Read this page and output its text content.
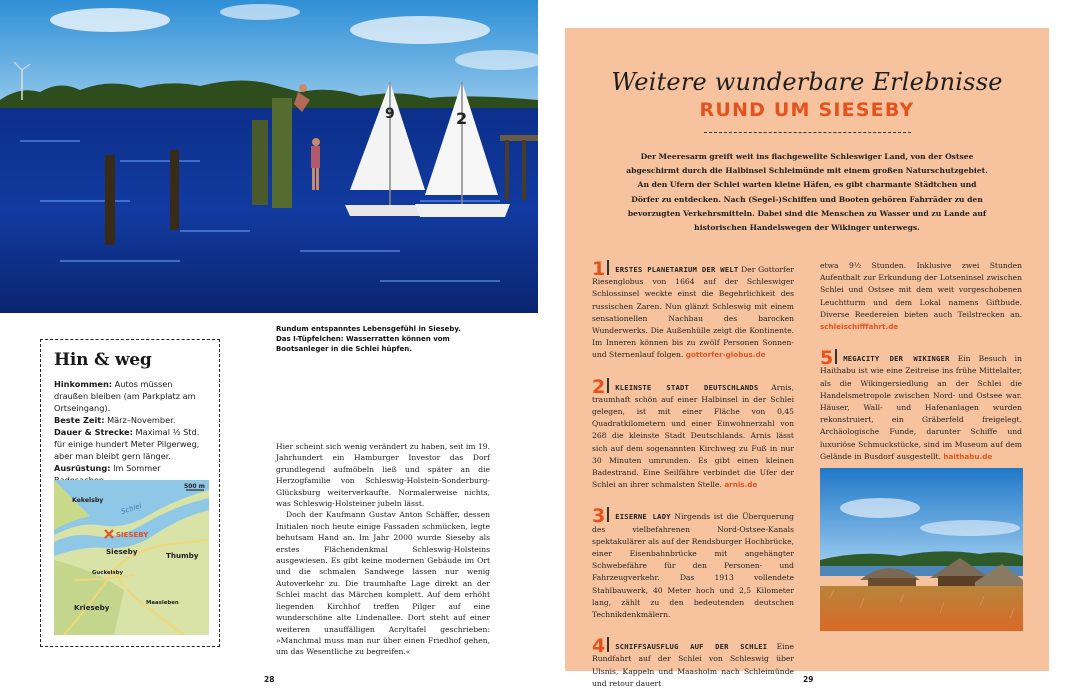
9	2
Rundum entspanntes Lebensgefühl in Sieseby. Das I-Tüpfelchen: Wasserratten können vom Bootsanleger in die Schlei hüpfen.
Hin & weg

Hinkommen: Autos müssen draußen bleiben (am Parkplatz am Ortseingang).

Beste Zeit: März–November.

Dauer & Strecke: Maximal ½ Std. für einige hundert Meter Pilgerweg, aber man bleibt gern länger.

Ausrüstung: Im Sommer

500 m
Schlei
SIESEBY
Kekelsby
Sieseby	Thumby
Guckelsby
Krieseby	Maasleben

Hier scheint sich wenig verändert zu haben, seit im 19. Jahrhundert ein Hamburger Investor das Dorf grundlegend aufmöbeln ließ und später an die Herzogfamilie von Schleswig-Holstein-Sonderburg-Glücksburg weiterverkaufte. Normalerweise nichts, was Schleswig-Holsteiner jubeln lässt.

Doch der Kaufmann Gustav Anton Schäffer, dessen Initialen noch heute einige Fassaden schmücken, legte behutsam Hand an. Im Jahr 2000 wurde Sieseby als erstes Flächendenkmal Schleswig-Holsteins ausgewiesen. Es gibt keine modernen Gebäude im Ort und die schmalen Sandwege lassen nur wenig Autoverkehr zu. Die traumhafte Lage direkt an der Schlei macht das Märchen komplett. Auf dem erhöht liegenden Kirchhof treffen Pilger auf eine wunderschöne alte Lindenallee. Dort steht auf einer weiteren unauffälligen Acryltafel geschrieben: »Manchmal muss man nur über einen Friedhof gehen, um das Wesentliche zu begreifen.«

28	29
Weitere wunderbare Erlebnisse
RUND UM SIESEBY
Der Meeresarm greift weit ins flachgewellte Schleswiger Land, von der Ostsee abgeschirmt durch die Halbinsel Schleimünde mit einem großen Naturschutzgebiet. An den Ufern der Schlei warten kleine Häfen, es gibt charmante Städtchen und Dörfer zu entdecken. Nach (Segel-)Schiffen und Booten gehören Fahrräder zu den bevorzugten Verkehrsmitteln. Dabei sind die Menschen zu Wasser und zu Lande auf historischen Handelswegen der Wikinger unterwegs.
1 ERSTES PLANETARIUM DER WELT Der Gottorfer Riesenglobus von 1664 auf der Schleswiger Schlossinsel weckte einst die Begehrlichkeit des russischen Zaren. Nun glänzt Schleswig mit einem sensationellen Nachbau des barocken Wunderwerks. Die Außenhülle zeigt die Kontinente. Im Inneren können bis zu zwölf Personen Sonnen- und Sternenlauf folgen. gottorfer-globus.de
2 KLEINSTE STADT DEUTSCHLANDS Arnis, traumhaft schön auf einer Halbinsel in der Schlei gelegen, ist mit einer Fläche von 0,45 Quadratkilometern und einer Einwohnerzahl von 268 die kleinste Stadt Deutschlands. Arnis lässt sich auf dem sogenannten Kirchweg zu Fuß in nur 30 Minuten umrunden. Es gibt einen kleinen Badestrand. Eine Seilfähre verbindet die Ufer der Schlei an ihrer schmalsten Stelle. arnis.de
3 EISERNE LADY Nirgends ist die Überquerung des vielbefahrenen Nord-Ostsee-Kanals spektakulärer als auf der Rendsburger Hochbrücke, einer Eisenbahnbrücke mit angehängter Schwebefähre für den Personen- und Fahrzeugverkehr. Das 1913 vollendete Stahlbauwerk, 40 Meter hoch und 2,5 Kilometer lang, zählt zu den bedeutenden deutschen Technikdenkmälern.
4 SCHIFFSAUSFLUG AUF DER SCHLEI Eine Rundfahrt auf der Schlei von Schleswig über Ulsnis, Kappeln und Maasholm nach Schleimünde und retour dauert
etwa 9½ Stunden. Inklusive zwei Stunden Aufenthalt zur Erkundung der Lotseninsel zwischen Schlei und Ostsee mit dem weit vorgeschobenen Leuchtturm und dem Lokal namens Giftbude. Diverse Reedereien bieten auch Teilstrecken an. schleischifffahrt.de
5 MEGACITY DER WIKINGER Ein Besuch in Haithabu ist wie eine Zeitreise ins frühe Mittelalter, als die Wikingersiedlung an der Schlei die Handelsmetropole zwischen Nord- und Ostsee war. Häuser, Wall- und Hafenanlagen wurden rekonstruiert, ein Gräberfeld freigelegt. Archäologische Funde, darunter Schiffe und luxuriöse Schmuckstücke, sind im Museum auf dem Gelände in Busdorf ausgestellt. haithabu.de
